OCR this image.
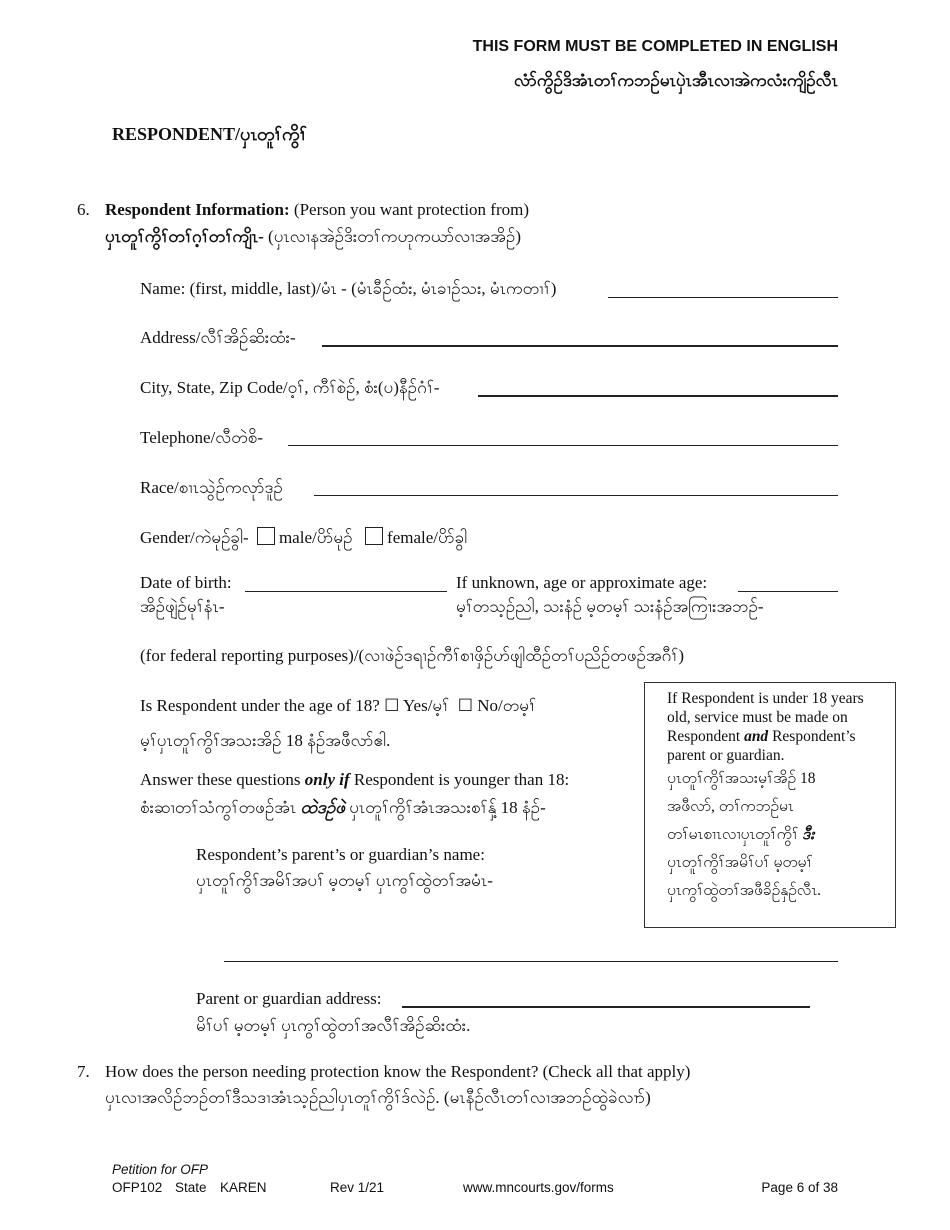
THIS FORM MUST BE COMPLETED IN ENGLISH
လံာ်ကွိဉ်ဒိအံၤတၢ်ကဘဉ်မၤပှဲၤအီၤလၢအဲကလံးကျိဉ်လီၤ
RESPONDENT/ပှၤတူၢ်ကွိၢ်
6. Respondent Information: (Person you want protection from)
ပှၤတူၢ်ကွိၢ်တၢ်ဂ့ၢ်တၢ်ကျိၤ- (ပှၤလၢနအဲဉ်ဒိးတၢ်ကဟုကယာ်လၢအအိဉ်)
Name: (first, middle, last)/မံၤ - (မံၤခီဉ်ထံး, မံၤခၢဉ်သး, မံၤကတၢၢ်)
Address/လီၢ်အိဉ်ဆိးထံး-
City, State, Zip Code/ဝ့ၢ်, ကီၢ်စဲဉ်, စံး(ပ)နီဉ်ဂံၢ်-
Telephone/လီတဲစိ-
Race/စၢၤသွဲဉ်ကလုာ်ဒူဉ်
Gender/ကဲမုဉ်ခွါ- male/ပိာ်မုဉ် female/ပိာ်ခွါ
Date of birth:
အိဉ်ဖျဲဉ်မုၢ်နံၤ-
If unknown, age or approximate age:
မ့ၢ်တသ့ဉ်ညါ, သးနံဉ် မ့တမ့ၢ် သးနံဉ်အကြၢးအဘဉ်-
(for federal reporting purposes)/(လၢဖဲဉ်ဒရၢဉ်ကီၢ်စၢဖှိဉ်ဟ်ဖျါထီဉ်တၢ်ပညိဉ်တဖဉ်အဂီၢ်)
Is Respondent under the age of 18? ☐ Yes/မ့ၢ် ☐ No/တမ့ၢ်
မ့ၢ်ပှၤတူၢ်ကွိၢ်အသးအိဉ် 18 နံဉ်အဖီလာ်ဧါ.
Answer these questions only if Respondent is younger than 18:
စံးဆၢတၢ်သံကွၢ်တဖဉ်အံၤ ထဲဒဉ်ဖဲ ပှၤတူၢ်ကွိၢ်အံၤအသးစၢ်နှ့် 18 နံဉ်-
Respondent’s parent’s or guardian’s name:
ပှၤတူၢ်ကွိၢ်အမိၢ်အပၢ် မ့တမ့ၢ် ပှၤကွၢ်ထွဲတၢ်အမံၤ-
Parent or guardian address:
မိၢ်ပၢ် မ့တမ့ၢ် ပှၤကွၢ်ထွဲတၢ်အလီၢ်အိဉ်ဆိးထံး.

If Respondent is under 18 years old, service must be made on Respondent and Respondent’s parent or guardian.

ပှၤတူၢ်ကွိၢ်အသးမ့ၢ်အိဉ် 18

အဖီလာ်, တၢ်ကဘဉ်မၤ

တၢ်မၤစၢၤလၢပှၤတူၢ်ကွိၢ် ဒီး

ပှၤတူၢ်ကွိၢ်အမိၢ်ပၢ် မ့တမ့ၢ်

ပှၤကွၢ်ထွဲတၢ်အဖီခိဉ်နှဉ်လီၤ.

7. How does the person needing protection know the Respondent? (Check all that apply)
ပှၤလၢအလိဉ်ဘဉ်တၢ်ဒီသဒၢအံၤသ့ဉ်ညါပှၤတူၢ်ကွိၢ်ဒ်လဲဉ်. (မၤနီဉ်လီၤတၢ်လၢအဘဉ်ထွဲခဲလၢာ်)
Petition for OFP
OFP102 State KAREN	Rev 1/21	www.mncourts.gov/forms	Page 6 of 38
